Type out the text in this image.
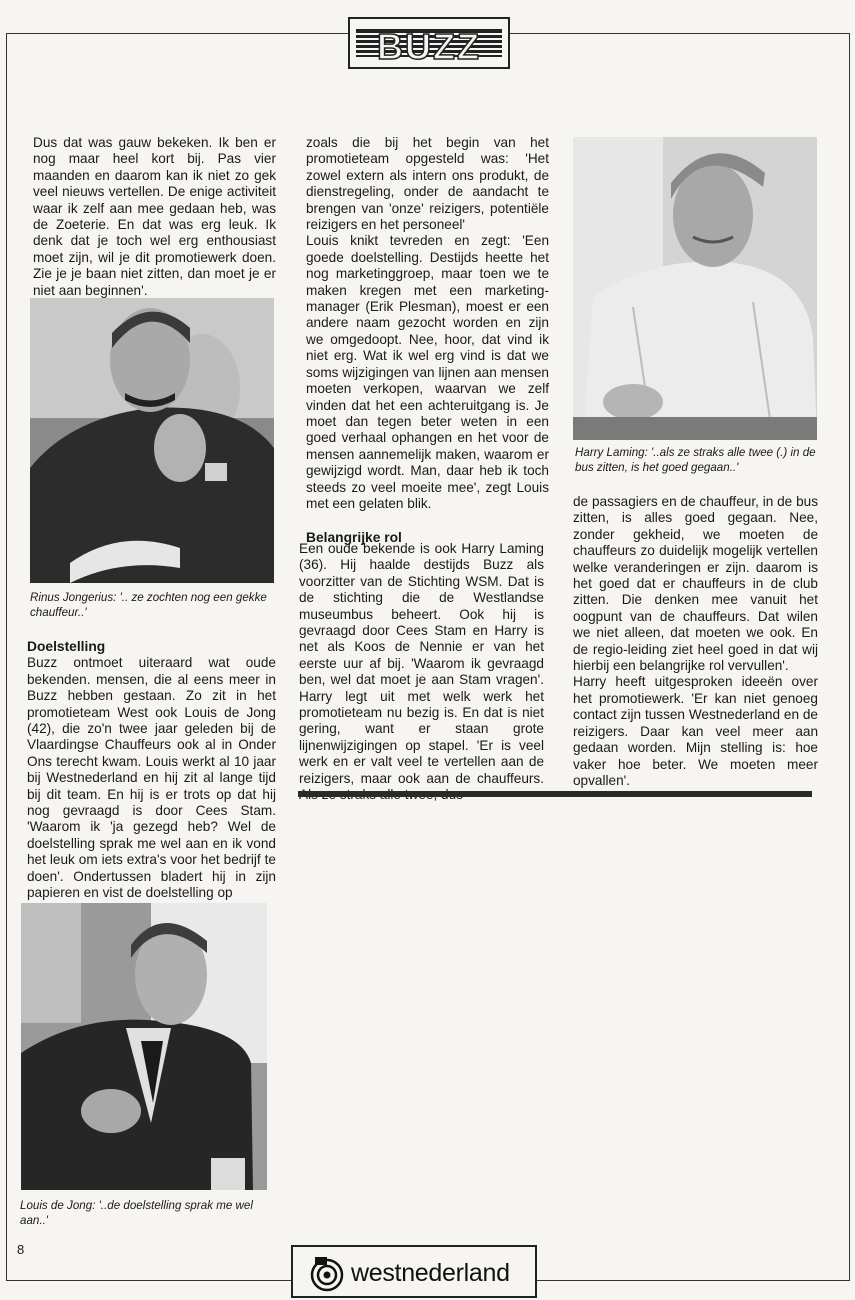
BUZZ

Dus dat was gauw bekeken. Ik ben er nog maar heel kort bij. Pas vier maanden en daarom kan ik niet zo gek veel nieuws vertellen. De enige activiteit waar ik zelf aan mee gedaan heb, was de Zoeterie. En dat was erg leuk. Ik denk dat je toch wel erg enthousiast moet zijn, wil je dit promotiewerk doen. Zie je je baan niet zitten, dan moet je er niet aan beginnen'.

Rinus Jongerius: '.. ze zochten nog een gekke chauffeur..'
Doelstelling

Buzz ontmoet uiteraard wat oude bekenden. mensen, die al eens meer in Buzz hebben gestaan. Zo zit in het promotieteam West ook Louis de Jong (42), die zo'n twee jaar geleden bij de Vlaardingse Chauffeurs ook al in Onder Ons terecht kwam. Louis werkt al 10 jaar bij Westnederland en hij zit al lange tijd bij dit team. En hij is er trots op dat hij nog gevraagd is door Cees Stam. 'Waarom ik 'ja gezegd heb? Wel de doelstelling sprak me wel aan en ik vond het leuk om iets extra's voor het bedrijf te doen'. Ondertussen bladert hij in zijn papieren en vist de doelstelling op

Louis de Jong: '..de doelstelling sprak me wel aan..'

zoals die bij het begin van het promotieteam opgesteld was: 'Het zowel extern als intern ons produkt, de dienstregeling, onder de aandacht te brengen van 'onze' reizigers, potentiële reizigers en het personeel'

Louis knikt tevreden en zegt: 'Een goede doelstelling. Destijds heette het nog marketinggroep, maar toen we te maken kregen met een marketing-manager (Erik Plesman), moest er een andere naam gezocht worden en zijn we omgedoopt. Nee, hoor, dat vind ik niet erg. Wat ik wel erg vind is dat we soms wijzigingen van lijnen aan mensen moeten verkopen, waarvan we zelf vinden dat het een achteruitgang is. Je moet dan tegen beter weten in een goed verhaal ophangen en het voor de mensen aannemelijk maken, waarom er gewijzigd wordt. Man, daar heb ik toch steeds zo veel moeite mee', zegt Louis met een gelaten blik.

Belangrijke rol

Een oude bekende is ook Harry Laming (36). Hij haalde destijds Buzz als voorzitter van de Stichting WSM. Dat is de stichting die de Westlandse museumbus beheert. Ook hij is gevraagd door Cees Stam en Harry is net als Koos de Nennie er van het eerste uur af bij. 'Waarom ik gevraagd ben, wel dat moet je aan Stam vragen'. Harry legt uit met welk werk het promotieteam nu bezig is. En dat is niet gering, want er staan grote lijnenwijzigingen op stapel. 'Er is veel werk en er valt veel te vertellen aan de reizigers, maar ook aan de chauffeurs.

Harry Laming: '..als ze straks alle twee (.) in de bus zitten, is het goed gegaan..'

de passagiers en de chauffeur, in de bus zitten, is alles goed gegaan. Nee, zonder gekheid, we moeten de chauffeurs zo duidelijk mogelijk vertellen welke veranderingen er zijn. daarom is het goed dat er chauffeurs in de club zitten. Die denken mee vanuit het oogpunt van de chauffeurs. Dat wilen we niet alleen, dat moeten we ook. En de regio-leiding ziet heel goed in dat wij hierbij een belangrijke rol vervullen'.

Harry heeft uitgesproken ideeën over het promotiewerk. 'Er kan niet genoeg contact zijn tussen Westnederland en de reizigers. Daar kan veel meer aan gedaan worden. Mijn stelling is: hoe vaker hoe beter. We moeten meer opvallen'.

8
westnederland
